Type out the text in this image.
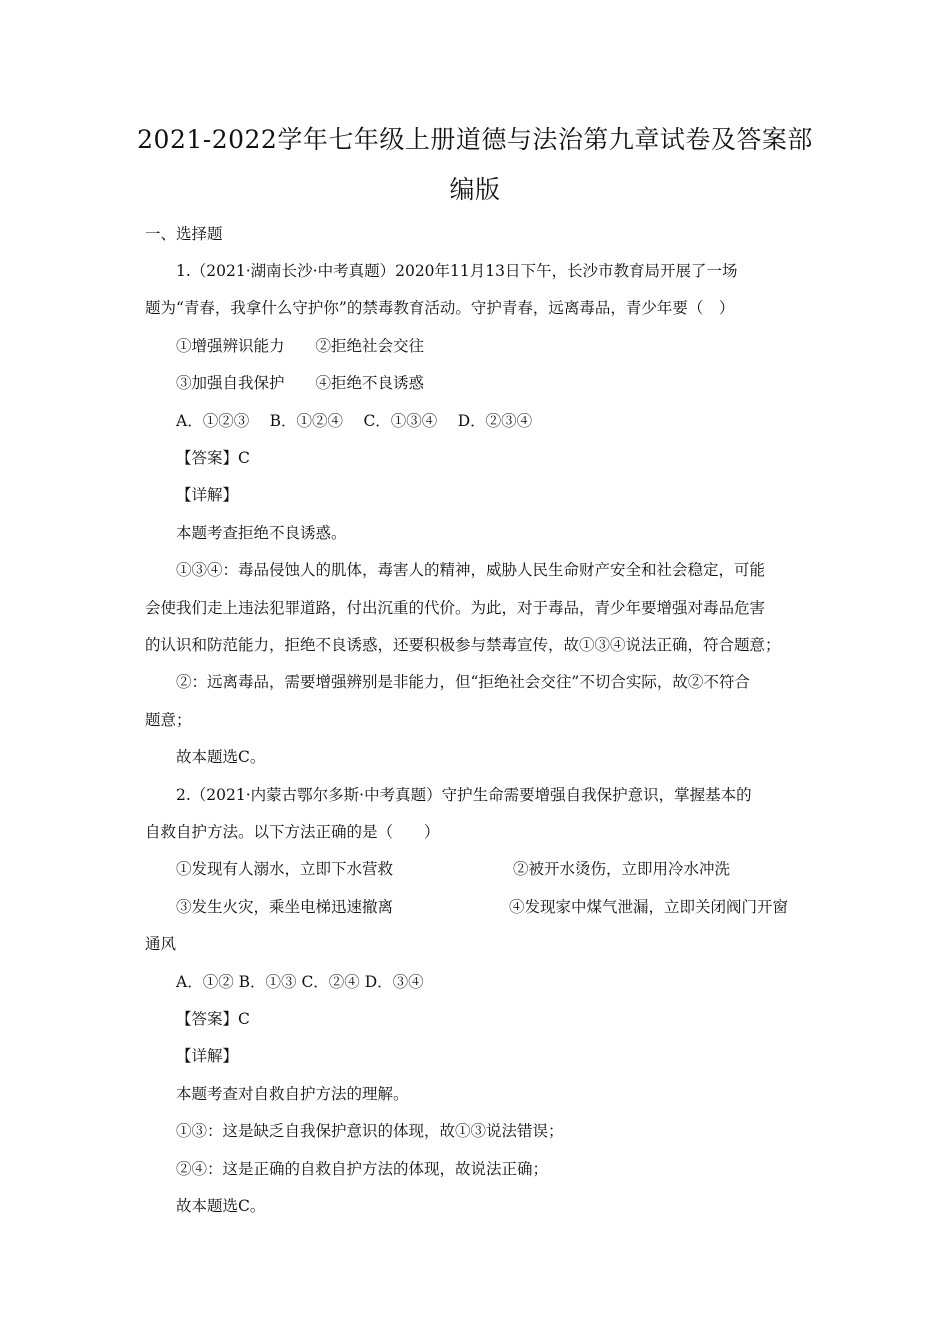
2021-2022学年七年级上册道德与法治第九章试卷及答案部
编版
一、选择题
1.（2021·湖南长沙·中考真题）2020年11月13日下午，长沙市教育局开展了一场
题为“青春，我拿什么守护你”的禁毒教育活动。守护青春，远离毒品，青少年要（　）
①增强辨识能力　　②拒绝社会交往
③加强自我保护　　④拒绝不良诱惑
A．①②③　 B．①②④　 C．①③④　 D．②③④
【答案】C
【详解】
本题考查拒绝不良诱惑。
①③④：毒品侵蚀人的肌体，毒害人的精神，威胁人民生命财产安全和社会稳定，可能
会使我们走上违法犯罪道路，付出沉重的代价。为此，对于毒品，青少年要增强对毒品危害
的认识和防范能力，拒绝不良诱惑，还要积极参与禁毒宣传，故①③④说法正确，符合题意；
②：远离毒品，需要增强辨别是非能力，但“拒绝社会交往”不切合实际，故②不符合
题意；
故本题选C。
2.（2021·内蒙古鄂尔多斯·中考真题）守护生命需要增强自我保护意识，掌握基本的
自救自护方法。以下方法正确的是（　　）
①发现有人溺水，立即下水营救	②被开水烫伤，立即用冷水冲洗
③发生火灾，乘坐电梯迅速撤离	④发现家中煤气泄漏，立即关闭阀门开窗
通风
A．①② B．①③ C．②④ D．③④
【答案】C
【详解】
本题考查对自救自护方法的理解。
①③：这是缺乏自我保护意识的体现，故①③说法错误；
②④：这是正确的自救自护方法的体现，故说法正确；
故本题选C。
